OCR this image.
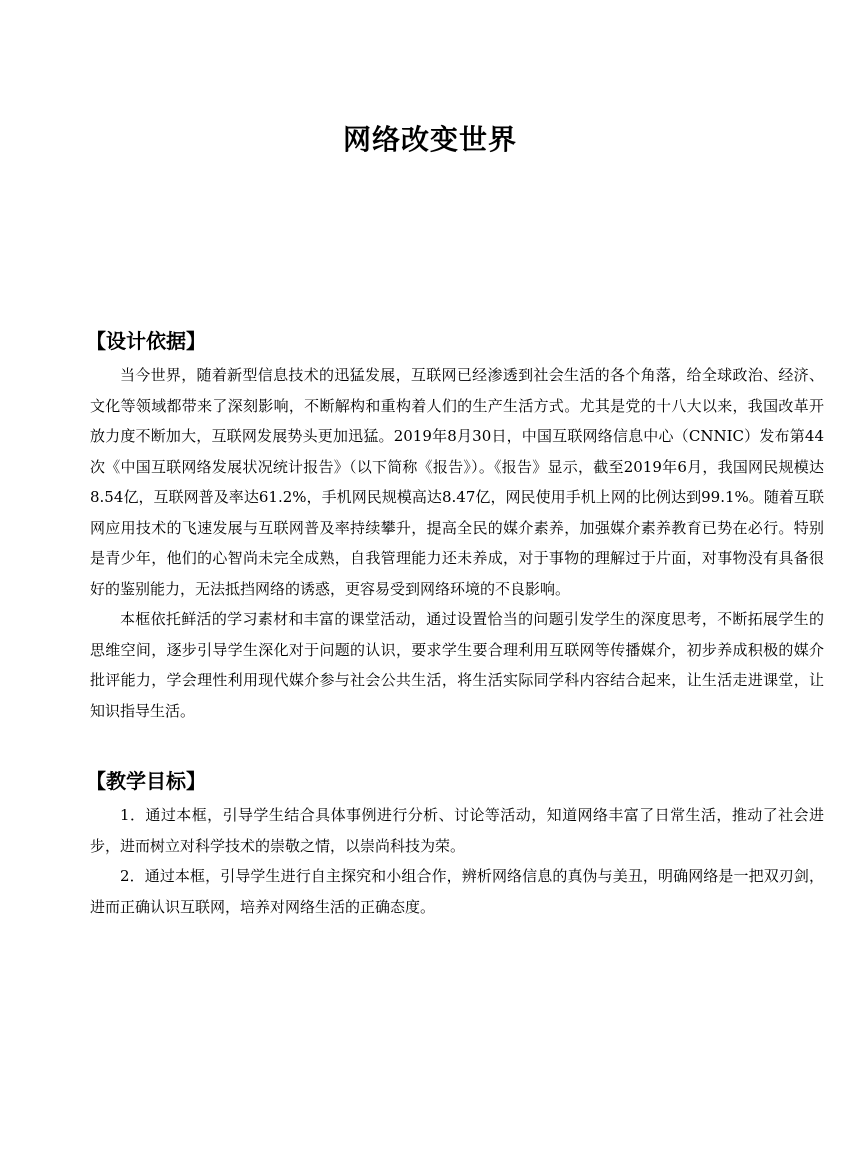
网络改变世界
【设计依据】

当今世界，随着新型信息技术的迅猛发展，互联网已经渗透到社会生活的各个角落，给全球政治、经济、文化等领域都带来了深刻影响，不断解构和重构着人们的生产生活方式。尤其是党的十八大以来，我国改革开放力度不断加大，互联网发展势头更加迅猛。2019年8月30日，中国互联网络信息中心（CNNIC）发布第44次《中国互联网络发展状况统计报告》（以下简称《报告》）。《报告》显示，截至2019年6月，我国网民规模达8.54亿，互联网普及率达61.2%，手机网民规模高达8.47亿，网民使用手机上网的比例达到99.1%。随着互联网应用技术的飞速发展与互联网普及率持续攀升，提高全民的媒介素养，加强媒介素养教育已势在必行。特别是青少年，他们的心智尚未完全成熟，自我管理能力还未养成，对于事物的理解过于片面，对事物没有具备很好的鉴别能力，无法抵挡网络的诱惑，更容易受到网络环境的不良影响。

本框依托鲜活的学习素材和丰富的课堂活动，通过设置恰当的问题引发学生的深度思考，不断拓展学生的思维空间，逐步引导学生深化对于问题的认识，要求学生要合理利用互联网等传播媒介，初步养成积极的媒介批评能力，学会理性利用现代媒介参与社会公共生活，将生活实际同学科内容结合起来，让生活走进课堂，让知识指导生活。

【教学目标】

1．通过本框，引导学生结合具体事例进行分析、讨论等活动，知道网络丰富了日常生活，推动了社会进步，进而树立对科学技术的崇敬之情，以崇尚科技为荣。

2．通过本框，引导学生进行自主探究和小组合作，辨析网络信息的真伪与美丑，明确网络是一把双刃剑，进而正确认识互联网，培养对网络生活的正确态度。
